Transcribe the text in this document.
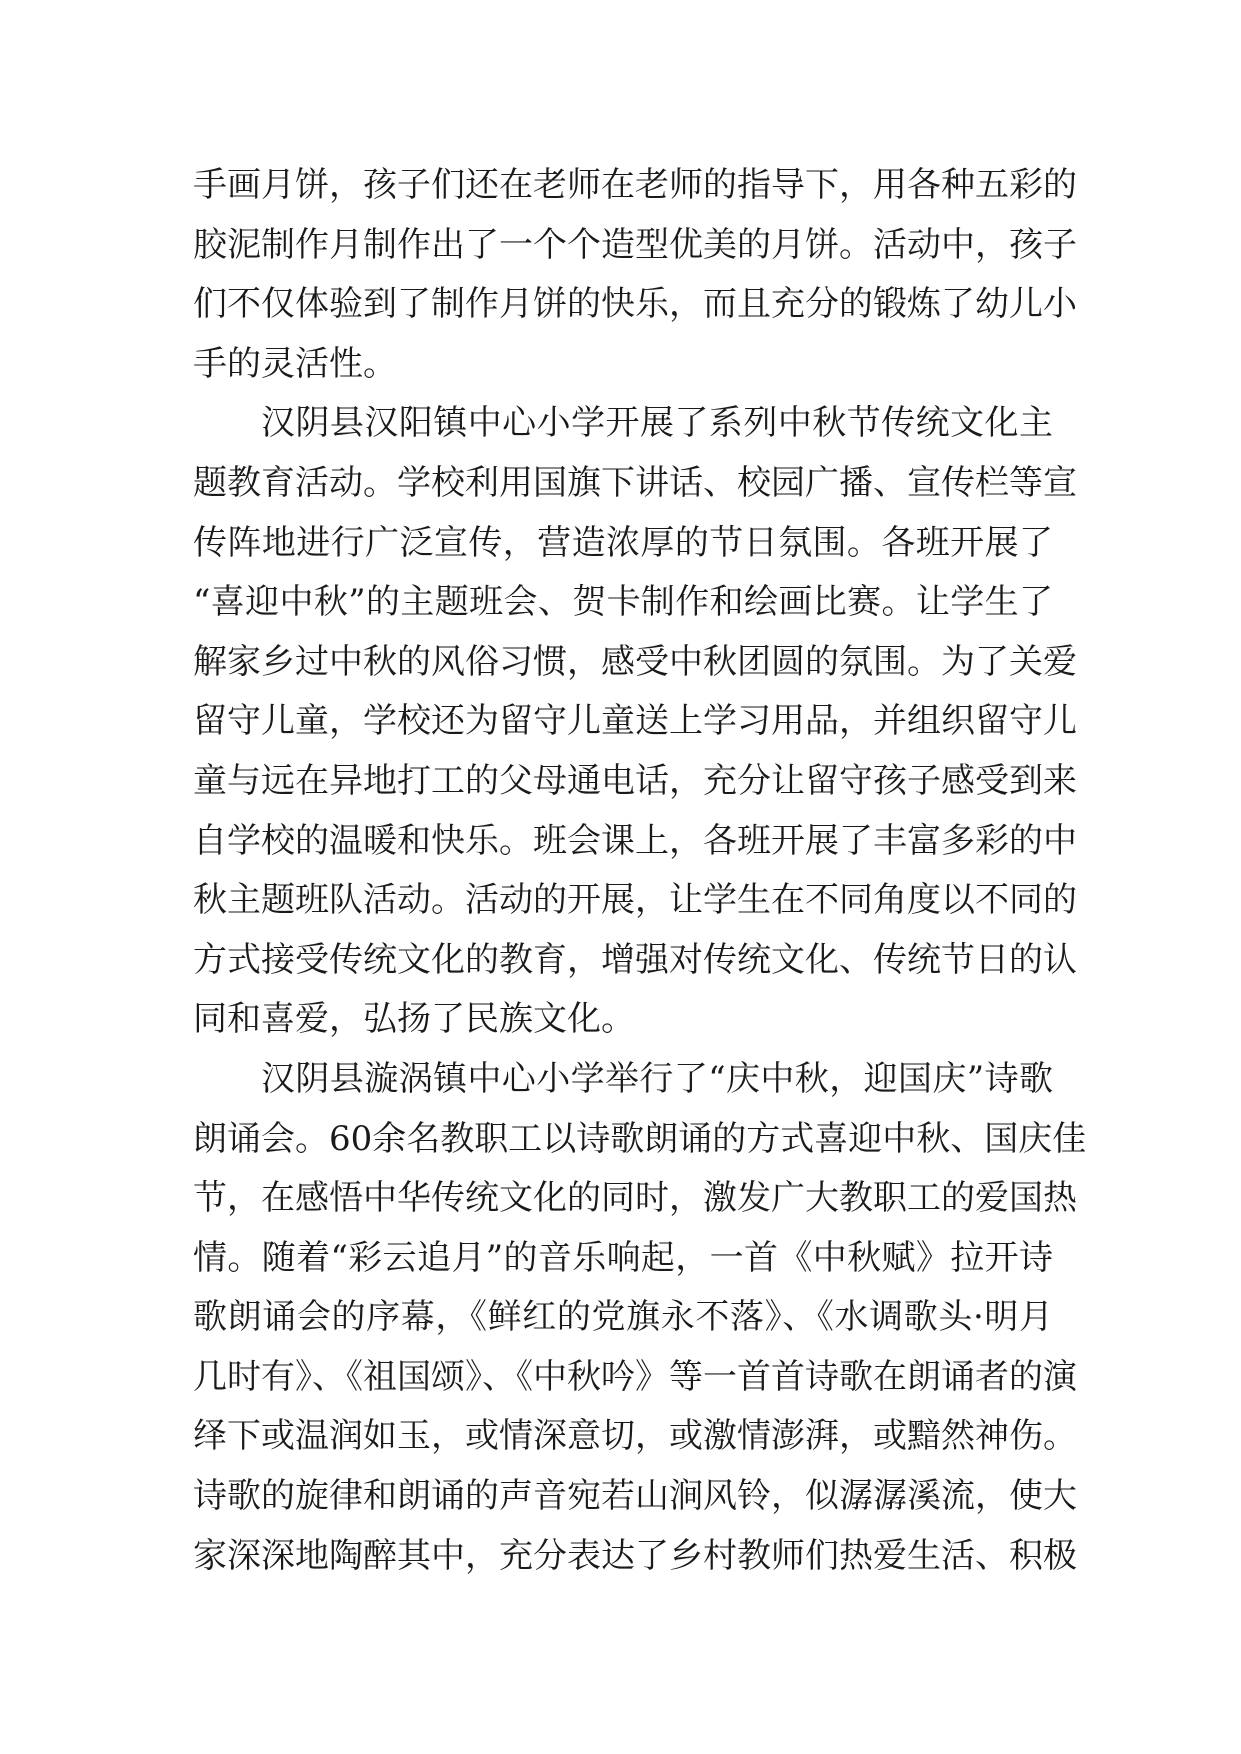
手画月饼，孩子们还在老师在老师的指导下，用各种五彩的
胶泥制作月制作出了一个个造型优美的月饼。活动中，孩子
们不仅体验到了制作月饼的快乐，而且充分的锻炼了幼儿小
手的灵活性。
汉阴县汉阳镇中心小学开展了系列中秋节传统文化主
题教育活动。学校利用国旗下讲话、校园广播、宣传栏等宣
传阵地进行广泛宣传，营造浓厚的节日氛围。各班开展了
“喜迎中秋”的主题班会、贺卡制作和绘画比赛。让学生了
解家乡过中秋的风俗习惯，感受中秋团圆的氛围。为了关爱
留守儿童，学校还为留守儿童送上学习用品，并组织留守儿
童与远在异地打工的父母通电话，充分让留守孩子感受到来
自学校的温暖和快乐。班会课上，各班开展了丰富多彩的中
秋主题班队活动。活动的开展，让学生在不同角度以不同的
方式接受传统文化的教育，增强对传统文化、传统节日的认
同和喜爱，弘扬了民族文化。
汉阴县漩涡镇中心小学举行了“庆中秋，迎国庆”诗歌
朗诵会。60余名教职工以诗歌朗诵的方式喜迎中秋、国庆佳
节，在感悟中华传统文化的同时，激发广大教职工的爱国热
情。随着“彩云追月”的音乐响起，一首《中秋赋》拉开诗
歌朗诵会的序幕，《鲜红的党旗永不落》、《水调歌头·明月
几时有》、《祖国颂》、《中秋吟》等一首首诗歌在朗诵者的演
绎下或温润如玉，或情深意切，或激情澎湃，或黯然神伤。
诗歌的旋律和朗诵的声音宛若山涧风铃，似潺潺溪流，使大
家深深地陶醉其中，充分表达了乡村教师们热爱生活、积极
